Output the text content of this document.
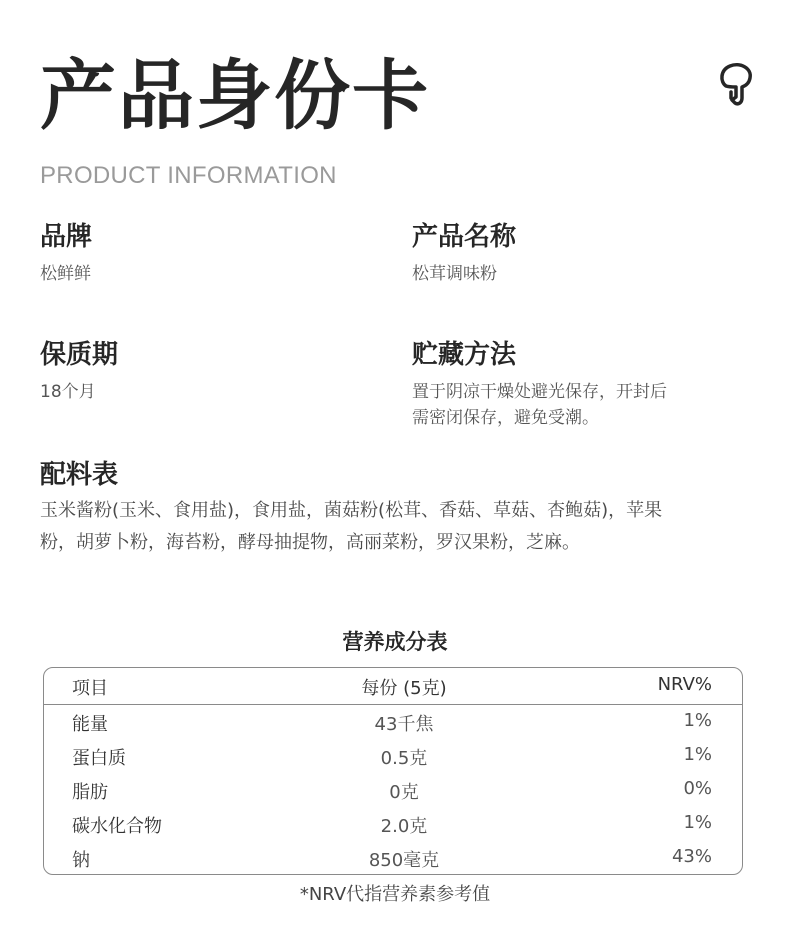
产品身份卡
PRODUCT INFORMATION
品牌
松鲜鲜
产品名称
松茸调味粉
保质期
18个月
贮藏方法
置于阴凉干燥处避光保存，开封后
需密闭保存，避免受潮。
配料表
玉米酱粉(玉米、食用盐)，食用盐，菌菇粉(松茸、香菇、草菇、杏鲍菇)，苹果
粉，胡萝卜粉，海苔粉，酵母抽提物，高丽菜粉，罗汉果粉，芝麻。
营养成分表
项目	每份 (5克)	NRV%
能量	43千焦	1%
蛋白质	0.5克	1%
脂肪	0克	0%
碳水化合物	2.0克	1%
钠	850毫克	43%
*NRV代指营养素参考值
